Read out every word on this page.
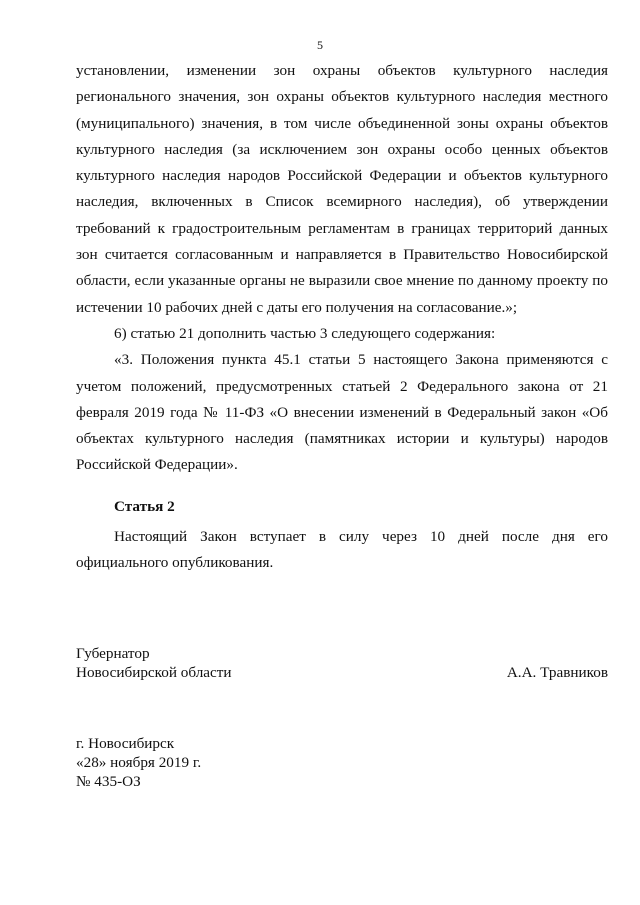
5

установлении, изменении зон охраны объектов культурного наследия регионального значения, зон охраны объектов культурного наследия местного (муниципального) значения, в том числе объединенной зоны охраны объектов культурного наследия (за исключением зон охраны особо ценных объектов культурного наследия народов Российской Федерации и объектов культурного наследия, включенных в Список всемирного наследия), об утверждении требований к градостроительным регламентам в границах территорий данных зон считается согласованным и направляется в Правительство Новосибирской области, если указанные органы не выразили свое мнение по данному проекту по истечении 10 рабочих дней с даты его получения на согласование.»;

6) статью 21 дополнить частью 3 следующего содержания:

«3. Положения пункта 45.1 статьи 5 настоящего Закона применяются с учетом положений, предусмотренных статьей 2 Федерального закона от 21 февраля 2019 года № 11-ФЗ «О внесении изменений в Федеральный закон «Об объектах культурного наследия (памятниках истории и культуры) народов Российской Федерации».

Статья 2

Настоящий Закон вступает в силу через 10 дней после дня его официального опубликования.

Губернатор
Новосибирской области	А.А. Травников
г. Новосибирск
«28» ноября 2019 г.
№ 435-ОЗ
